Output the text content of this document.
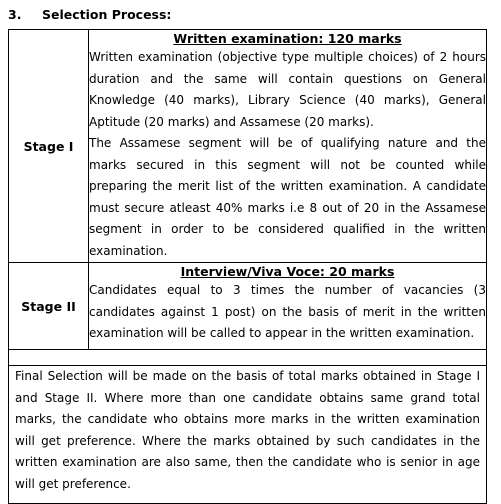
3. Selection Process:
Stage I	Written examination: 120 marks

Written examination (objective type multiple choices) of 2 hours duration and the same will contain questions on General Knowledge (40 marks), Library Science (40 marks), General Aptitude (20 marks) and Assamese (20 marks).

The Assamese segment will be of qualifying nature and the marks secured in this segment will not be counted while preparing the merit list of the written examination. A candidate must secure atleast 40% marks i.e 8 out of 20 in the Assamese segment in order to be considered qualified in the written examination.

Stage II	Interview/Viva Voce: 20 marks

Candidates equal to 3 times the number of vacancies (3 candidates against 1 post) on the basis of merit in the written examination will be called to appear in the written examination.

Final Selection will be made on the basis of total marks obtained in Stage I and Stage II. Where more than one candidate obtains same grand total marks, the candidate who obtains more marks in the written examination will get preference. Where the marks obtained by such candidates in the written examination are also same, then the candidate who is senior in age will get preference.	
